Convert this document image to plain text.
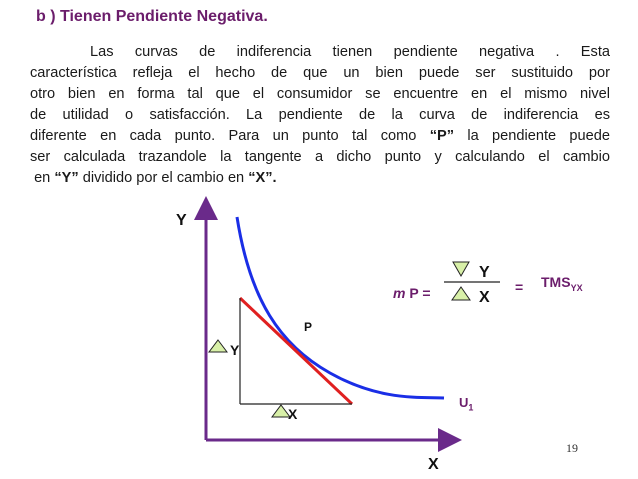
b ) Tienen Pendiente Negativa.
Las curvas de indiferencia tienen pendiente negativa . Esta
característica refleja el hecho de que un bien puede ser sustituido por
otro bien en forma tal que el consumidor se encuentre en el mismo nivel
de utilidad o satisfacción. La pendiente de la curva de indiferencia es
diferente en cada punto. Para un punto tal como “P” la pendiente puede
ser calculada trazandole la tangente a dicho punto y calculando el cambio
en “Y” dividido por el cambio en “X”.
Y
X
P
Y
X
$U_1$
m P =
Y
X
= $TMS_{YX}$
19
